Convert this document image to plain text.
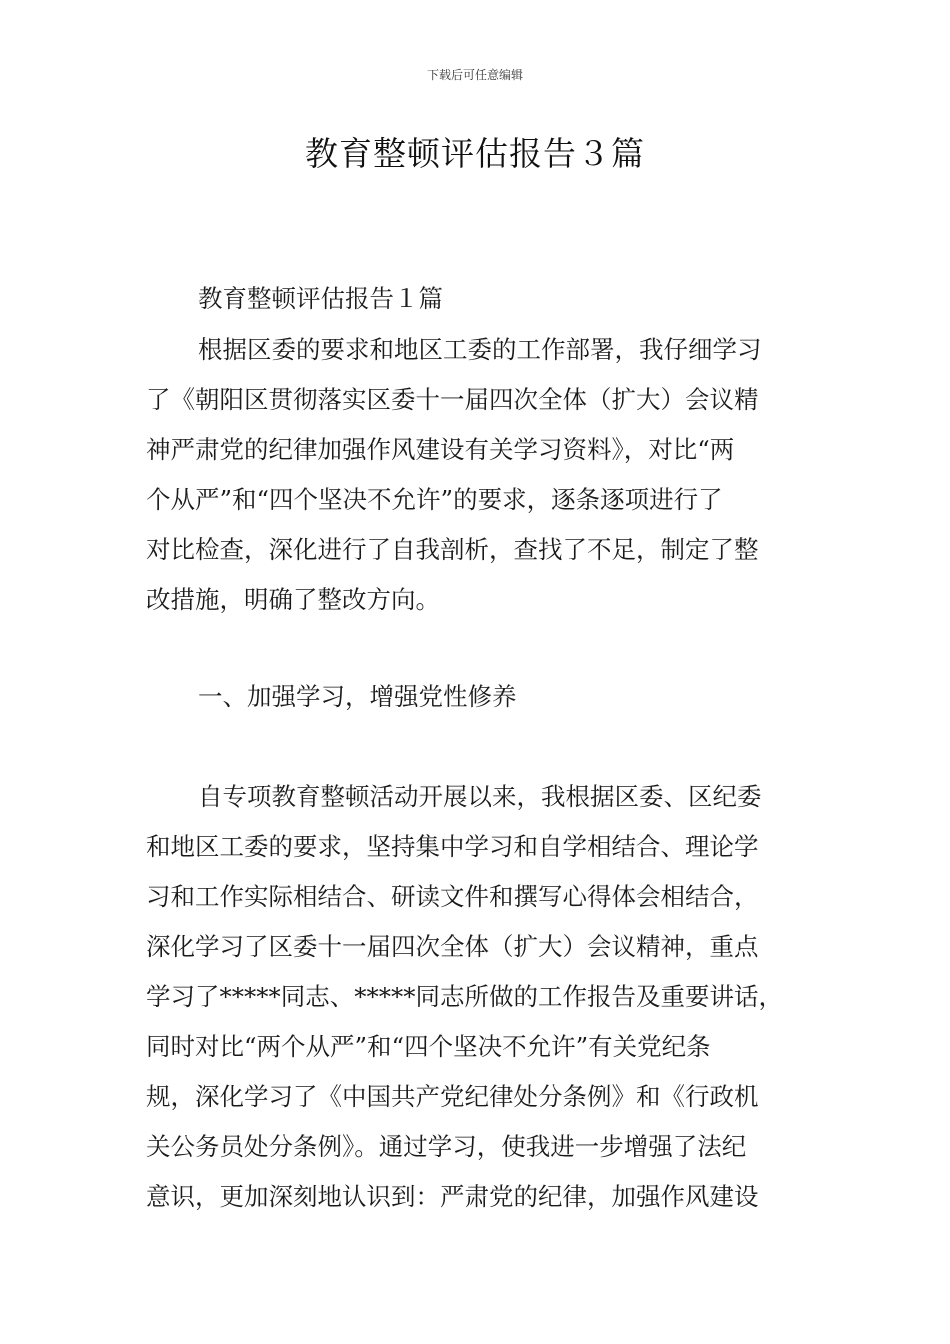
下载后可任意编辑
教育整顿评估报告３篇
教育整顿评估报告１篇
根据区委的要求和地区工委的工作部署，我仔细学习
了《朝阳区贯彻落实区委十一届四次全体（扩大）会议精
神严肃党的纪律加强作风建设有关学习资料》，对比“两
个从严”和“四个坚决不允许”的要求，逐条逐项进行了
对比检查，深化进行了自我剖析，查找了不足，制定了整
改措施，明确了整改方向。
一、加强学习，增强党性修养
自专项教育整顿活动开展以来，我根据区委、区纪委
和地区工委的要求，坚持集中学习和自学相结合、理论学
习和工作实际相结合、研读文件和撰写心得体会相结合，
深化学习了区委十一届四次全体（扩大）会议精神，重点
学习了*****同志、*****同志所做的工作报告及重要讲话，
同时对比“两个从严”和“四个坚决不允许”有关党纪条
规，深化学习了《中国共产党纪律处分条例》和《行政机
关公务员处分条例》。通过学习，使我进一步增强了法纪
意识，更加深刻地认识到：严肃党的纪律，加强作风建设
